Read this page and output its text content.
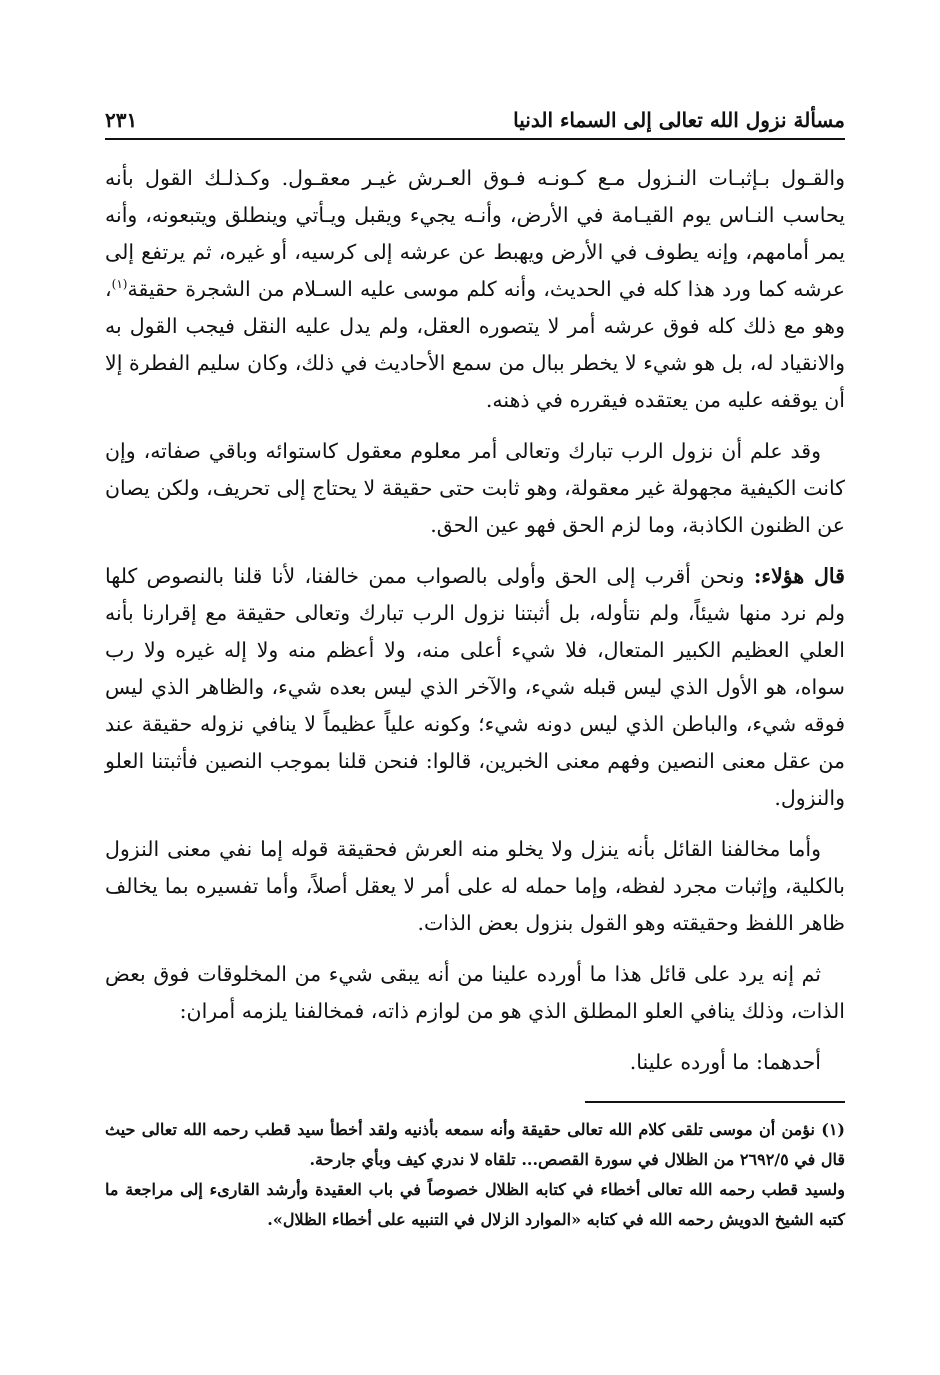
مسألة نزول الله تعالى إلى السماء الدنيا
٢٣١

والقـول بـإثبـات النـزول مـع كـونـه فـوق العـرش غيـر معقـول. وكـذلـك القول بأنه يحاسب النـاس يوم القيـامة في الأرض، وأنـه يجيء ويقبل ويـأتي وينطلق ويتبعونه، وأنه يمر أمامهم، وإنه يطوف في الأرض ويهبط عن عرشه إلى كرسيه، أو غيره، ثم يرتفع إلى عرشه كما ورد هذا كله في الحديث، وأنه كلم موسى عليه السـلام من الشجرة حقيقة$^{(١)}$، وهو مع ذلك كله فوق عرشه أمر لا يتصوره العقل، ولم يدل عليه النقل فيجب القول به والانقياد له، بل هو شيء لا يخطر ببال من سمع الأحاديث في ذلك، وكان سليم الفطرة إلا أن يوقفه عليه من يعتقده فيقرره في ذهنه.

وقد علم أن نزول الرب تبارك وتعالى أمر معلوم معقول كاستوائه وباقي صفاته، وإن كانت الكيفية مجهولة غير معقولة، وهو ثابت حتى حقيقة لا يحتاج إلى تحريف، ولكن يصان عن الظنون الكاذبة، وما لزم الحق فهو عين الحق.

قال هؤلاء: ونحن أقرب إلى الحق وأولى بالصواب ممن خالفنا، لأنا قلنا بالنصوص كلها ولم نرد منها شيئاً، ولم نتأوله، بل أثبتنا نزول الرب تبارك وتعالى حقيقة مع إقرارنا بأنه العلي العظيم الكبير المتعال، فلا شيء أعلى منه، ولا أعظم منه ولا إله غيره ولا رب سواه، هو الأول الذي ليس قبله شيء، والآخر الذي ليس بعده شيء، والظاهر الذي ليس فوقه شيء، والباطن الذي ليس دونه شيء؛ وكونه علياً عظيماً لا ينافي نزوله حقيقة عند من عقل معنى النصين وفهم معنى الخبرين، قالوا: فنحن قلنا بموجب النصين فأثبتنا العلو والنزول.

وأما مخالفنا القائل بأنه ينزل ولا يخلو منه العرش فحقيقة قوله إما نفي معنى النزول بالكلية، وإثبات مجرد لفظه، وإما حمله له على أمر لا يعقل أصلاً، وأما تفسيره بما يخالف ظاهر اللفظ وحقيقته وهو القول بنزول بعض الذات.

ثم إنه يرد على قائل هذا ما أورده علينا من أنه يبقى شيء من المخلوقات فوق بعض الذات، وذلك ينافي العلو المطلق الذي هو من لوازم ذاته، فمخالفنا يلزمه أمران:

أحدهما: ما أورده علينا.

(١) نؤمن أن موسى تلقى كلام الله تعالى حقيقة وأنه سمعه بأذنيه ولقد أخطأ سيد قطب رحمه الله تعالى حيث قال في ٢٦٩٢/٥ من الظلال في سورة القصص... تلقاه لا ندري كيف وبأي جارحة.

ولسيد قطب رحمه الله تعالى أخطاء في كتابه الظلال خصوصاً في باب العقيدة وأرشد القارىء إلى مراجعة ما كتبه الشيخ الدويش رحمه الله في كتابه «الموارد الزلال في التنبيه على أخطاء الظلال».
